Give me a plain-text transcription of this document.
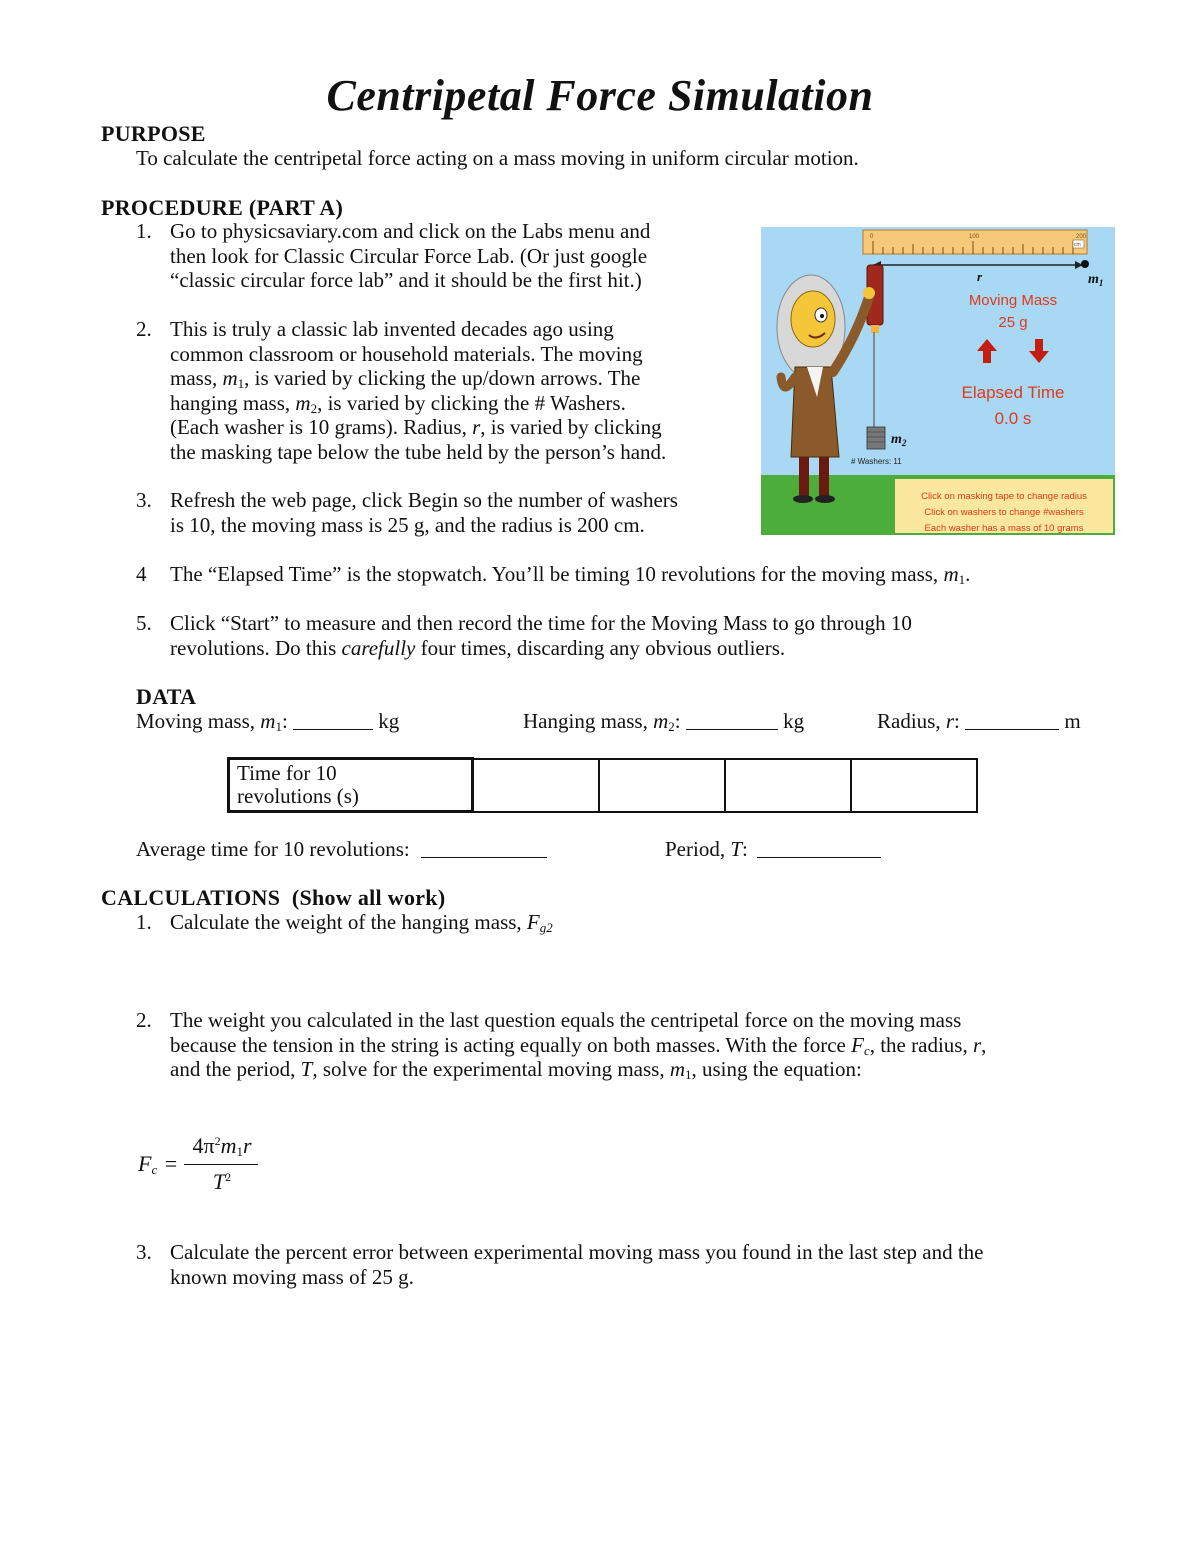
Centripetal Force Simulation
PURPOSE
To calculate the centripetal force acting on a mass moving in uniform circular motion.
PROCEDURE (PART A)
1. Go to physicsaviary.com and click on the Labs menu and
then look for Classic Circular Force Lab. (Or just google
“classic circular force lab” and it should be the first hit.)
2. This is truly a classic lab invented decades ago using
common classroom or household materials. The moving
mass, $m_1$, is varied by clicking the up/down arrows. The
hanging mass, $m_2$, is varied by clicking the # Washers.
(Each washer is 10 grams). Radius, r, is varied by clicking
the masking tape below the tube held by the person’s hand.
3. Refresh the web page, click Begin so the number of washers
is 10, the moving mass is 25 g, and the radius is 200 cm.
4 The “Elapsed Time” is the stopwatch. You’ll be timing 10 revolutions for the moving mass, $m_1$.
5. Click “Start” to measure and then record the time for the Moving Mass to go through 10
revolutions. Do this carefully four times, discarding any obvious outliers.
0	100	200
cm
r	$m_1$
$m_2$
# Washers: 11
Moving Mass
25 g
Elapsed Time
0.0 s
Click on masking tape to change radius
Click on washers to change #washers
Each washer has a mass of 10 grams
DATA
Moving mass, $m_1$:	kg	Hanging mass, $m_2$:	kg	Radius, r:	m
Time for 10
revolutions (s)

Average time for 10 revolutions:	Period, T:
CALCULATIONS (Show all work)
1. Calculate the weight of the hanging mass, $F_{g2}$
2. The weight you calculated in the last question equals the centripetal force on the moving mass
because the tension in the string is acting equally on both masses. With the force $F_c$, the radius, r,
and the period, T, solve for the experimental moving mass, $m_1$, using the equation:
$F_c$ =
$4\pi^2m_1r$
$T^2$
3. Calculate the percent error between experimental moving mass you found in the last step and the
known moving mass of 25 g.
